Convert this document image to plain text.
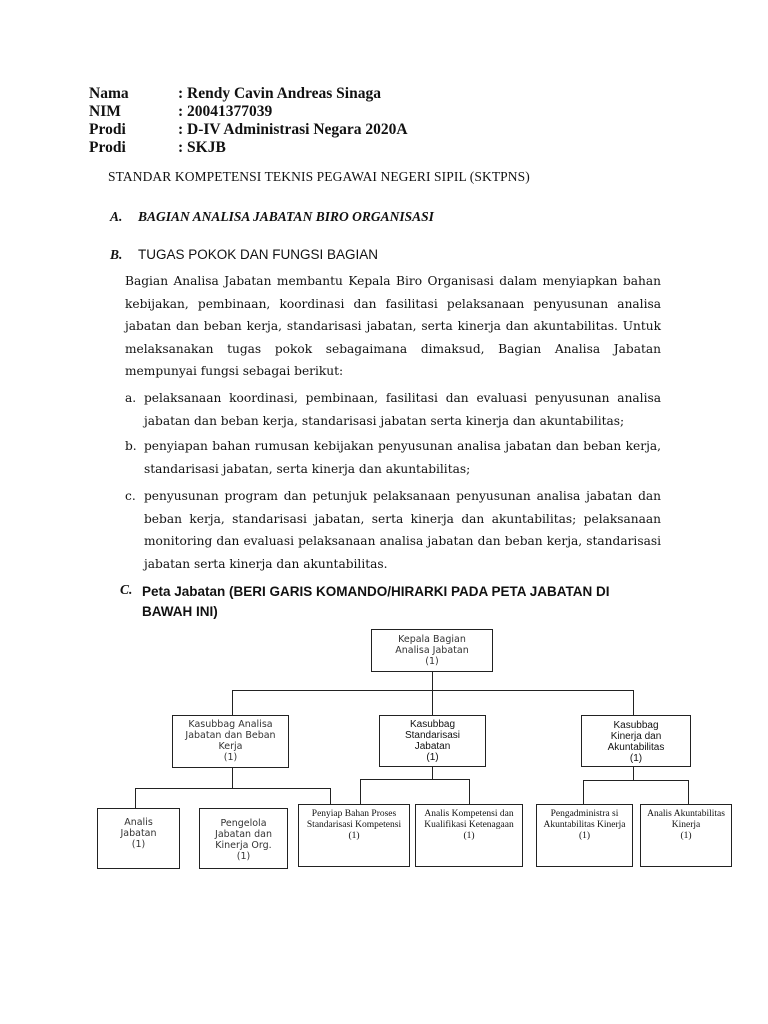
Nama	: Rendy Cavin Andreas Sinaga
NIM	: 20041377039
Prodi	: D-IV Administrasi Negara 2020A
Prodi	: SKJB
STANDAR KOMPETENSI TEKNIS PEGAWAI NEGERI SIPIL (SKTPNS)
A. BAGIAN ANALISA JABATAN BIRO ORGANISASI
B. TUGAS POKOK DAN FUNGSI BAGIAN
Bagian Analisa Jabatan membantu Kepala Biro Organisasi dalam menyiapkan bahan kebijakan, pembinaan, koordinasi dan fasilitasi pelaksanaan penyusunan analisa jabatan dan beban kerja, standarisasi jabatan, serta kinerja dan akuntabilitas. Untuk melaksanakan tugas pokok sebagaimana dimaksud, Bagian Analisa Jabatan mempunyai fungsi sebagai berikut:
a. pelaksanaan koordinasi, pembinaan, fasilitasi dan evaluasi penyusunan analisa jabatan dan beban kerja, standarisasi jabatan serta kinerja dan akuntabilitas;
b. penyiapan bahan rumusan kebijakan penyusunan analisa jabatan dan beban kerja, standarisasi jabatan, serta kinerja dan akuntabilitas;
c. penyusunan program dan petunjuk pelaksanaan penyusunan analisa jabatan dan beban kerja, standarisasi jabatan, serta kinerja dan akuntabilitas; pelaksanaan monitoring dan evaluasi pelaksanaan analisa jabatan dan beban kerja, standarisasi jabatan serta kinerja dan akuntabilitas.
C. Peta Jabatan (BERI GARIS KOMANDO/HIRARKI PADA PETA JABATAN DI BAWAH INI)
Kepala Bagian
Analisa Jabatan
(1)
Kasubbag Analisa
Jabatan dan Beban
Kerja
(1)
Kasubbag
Standarisasi
Jabatan
(1)
Kasubbag
Kinerja dan
Akuntabilitas
(1)
Analis
Jabatan
(1)
Pengelola
Jabatan dan
Kinerja Org.
(1)
Penyiap Bahan Proses
Standarisasi Kompetensi
(1)
Analis Kompetensi dan
Kualifikasi Ketenagaan
(1)
Pengadministra si
Akuntabilitas Kinerja
(1)
Analis Akuntabilitas
Kinerja
(1)
